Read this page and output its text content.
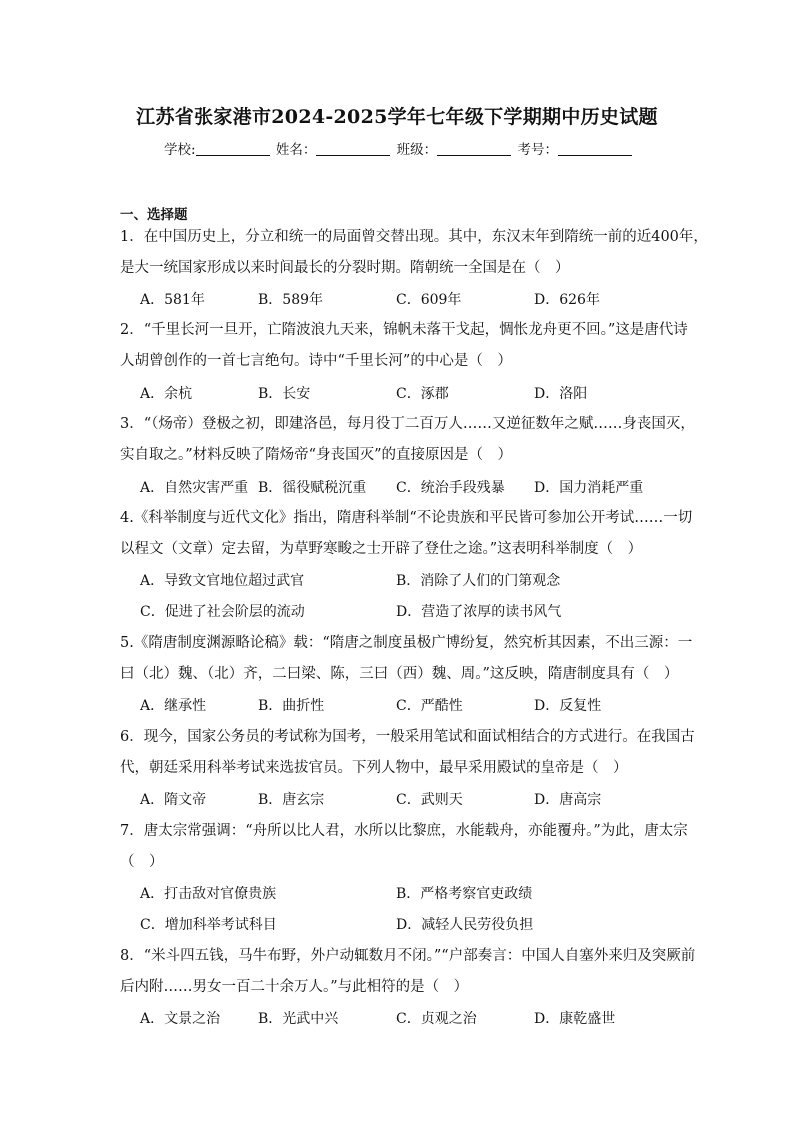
江苏省张家港市2024-2025学年七年级下学期期中历史试题
学校:	姓名：	班级：	考号：
一、选择题
1．在中国历史上，分立和统一的局面曾交替出现。其中，东汉末年到隋统一前的近400年，
是大一统国家形成以来时间最长的分裂时期。隋朝统一全国是在（　）
A．581年	B．589年	C．609年	D．626年
2．“千里长河一旦开，亡隋波浪九天来，锦帆未落干戈起，惆怅龙舟更不回。”这是唐代诗
人胡曾创作的一首七言绝句。诗中“千里长河”的中心是（　）
A．余杭	B．长安	C．涿郡	D．洛阳
3．“（炀帝）登极之初，即建洛邑，每月役丁二百万人……又逆征数年之赋……身丧国灭，
实自取之。”材料反映了隋炀帝“身丧国灭”的直接原因是（　）
A．自然灾害严重 B．徭役赋税沉重 C．统治手段残暴 D．国力消耗严重
4.《科举制度与近代文化》指出，隋唐科举制“不论贵族和平民皆可参加公开考试……一切
以程文（文章）定去留，为草野寒畯之士开辟了登仕之途。”这表明科举制度（　）
A．导致文官地位超过武官	B．消除了人们的门第观念
C．促进了社会阶层的流动	D．营造了浓厚的读书风气
5.《隋唐制度渊源略论稿》载：“隋唐之制度虽极广博纷复，然究析其因素，不出三源：一
曰（北）魏、（北）齐，二曰梁、陈，三曰（西）魏、周。”这反映，隋唐制度具有（　）
A．继承性	B．曲折性	C．严酷性	D．反复性
6．现今，国家公务员的考试称为国考，一般采用笔试和面试相结合的方式进行。在我国古
代，朝廷采用科举考试来选拔官员。下列人物中，最早采用殿试的皇帝是（　）
A．隋文帝	B．唐玄宗	C．武则天	D．唐高宗
7．唐太宗常强调：“舟所以比人君，水所以比黎庶，水能载舟，亦能覆舟。”为此，唐太宗
（　）
A．打击敌对官僚贵族	B．严格考察官吏政绩
C．增加科举考试科目	D．减轻人民劳役负担
8．“米斗四五钱，马牛布野，外户动辄数月不闭。”“户部奏言：中国人自塞外来归及突厥前
后内附……男女一百二十余万人。”与此相符的是（　）
A．文景之治	B．光武中兴	C．贞观之治	D．康乾盛世
